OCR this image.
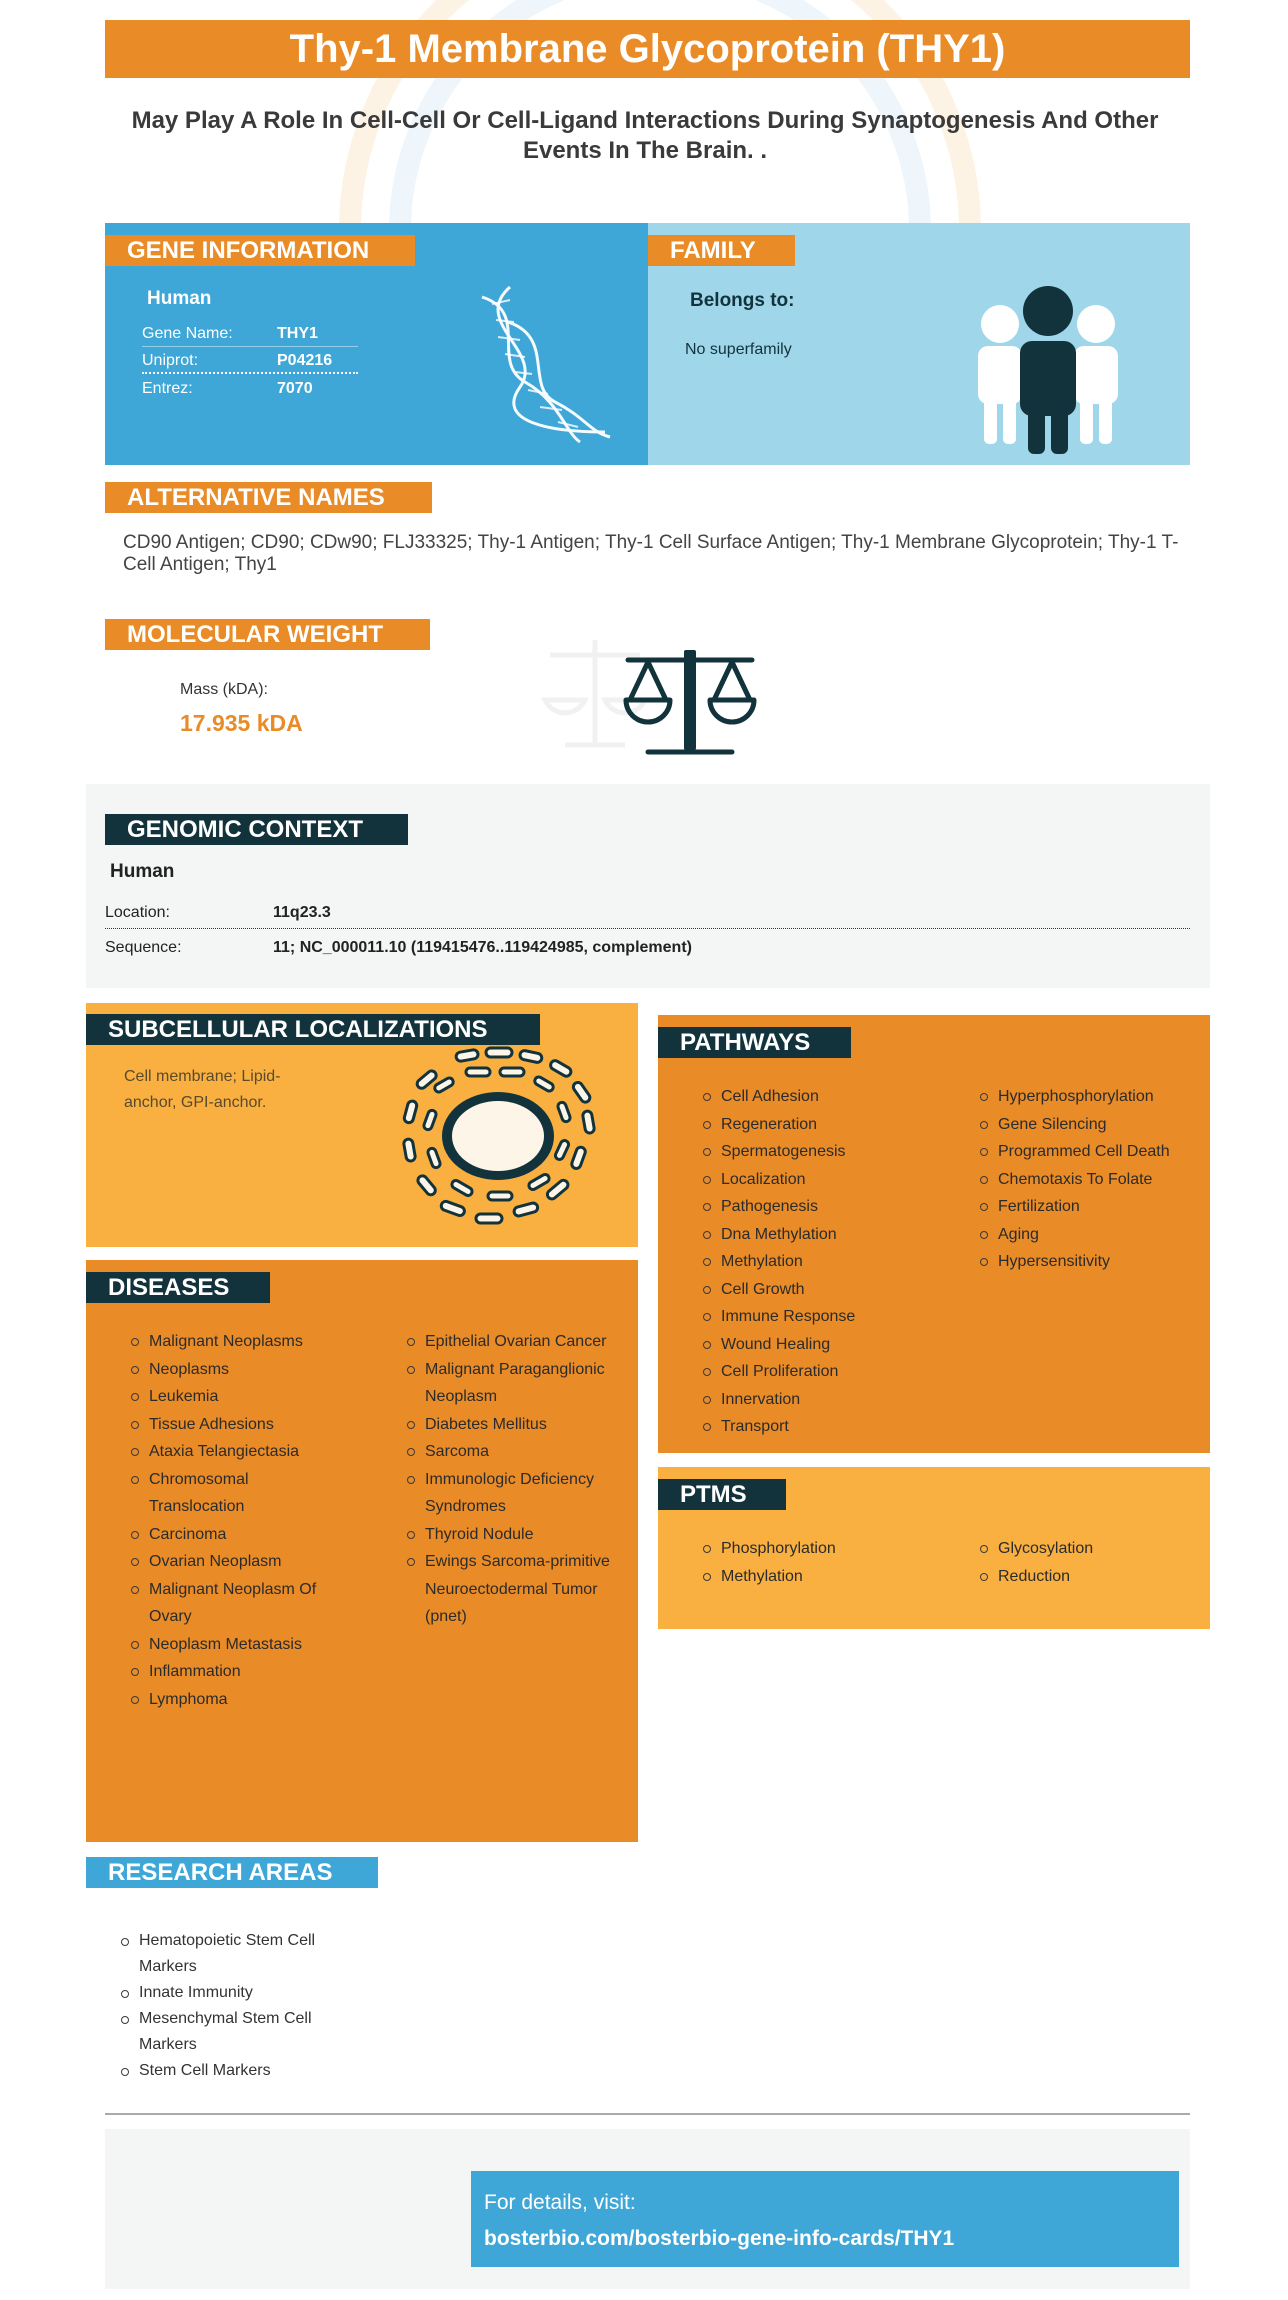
Thy-1 Membrane Glycoprotein (THY1)
May Play A Role In Cell-Cell Or Cell-Ligand Interactions During Synaptogenesis And Other Events In The Brain. .
GENE INFORMATION
Human
Gene Name:	THY1
Uniprot:	P04216
Entrez:	7070
FAMILY
Belongs to:
No superfamily
ALTERNATIVE NAMES
CD90 Antigen; CD90; CDw90; FLJ33325; Thy-1 Antigen; Thy-1 Cell Surface Antigen; Thy-1 Membrane Glycoprotein; Thy-1 T-Cell Antigen; Thy1
MOLECULAR WEIGHT
Mass (kDA):
17.935 kDA
GENOMIC CONTEXT
Human
Location:	11q23.3
Sequence:	11; NC_000011.10 (119415476..119424985, complement)
SUBCELLULAR LOCALIZATIONS
Cell membrane; Lipid-anchor, GPI-anchor.
DISEASES
Malignant Neoplasms
Neoplasms
Leukemia
Tissue Adhesions
Ataxia Telangiectasia
Chromosomal Translocation
Carcinoma
Ovarian Neoplasm
Malignant Neoplasm Of Ovary
Neoplasm Metastasis
Inflammation
Lymphoma
Epithelial Ovarian Cancer
Malignant Paraganglionic Neoplasm
Diabetes Mellitus
Sarcoma
Immunologic Deficiency Syndromes
Thyroid Nodule
Ewings Sarcoma-primitive Neuroectodermal Tumor (pnet)
PATHWAYS
Cell Adhesion
Regeneration
Spermatogenesis
Localization
Pathogenesis
Dna Methylation
Methylation
Cell Growth
Immune Response
Wound Healing
Cell Proliferation
Innervation
Transport
Hyperphosphorylation
Gene Silencing
Programmed Cell Death
Chemotaxis To Folate
Fertilization
Aging
Hypersensitivity
PTMS
Phosphorylation
Methylation
Glycosylation
Reduction
RESEARCH AREAS
Hematopoietic Stem Cell Markers
Innate Immunity
Mesenchymal Stem Cell Markers
Stem Cell Markers
For details, visit:
bosterbio.com/bosterbio-gene-info-cards/THY1
